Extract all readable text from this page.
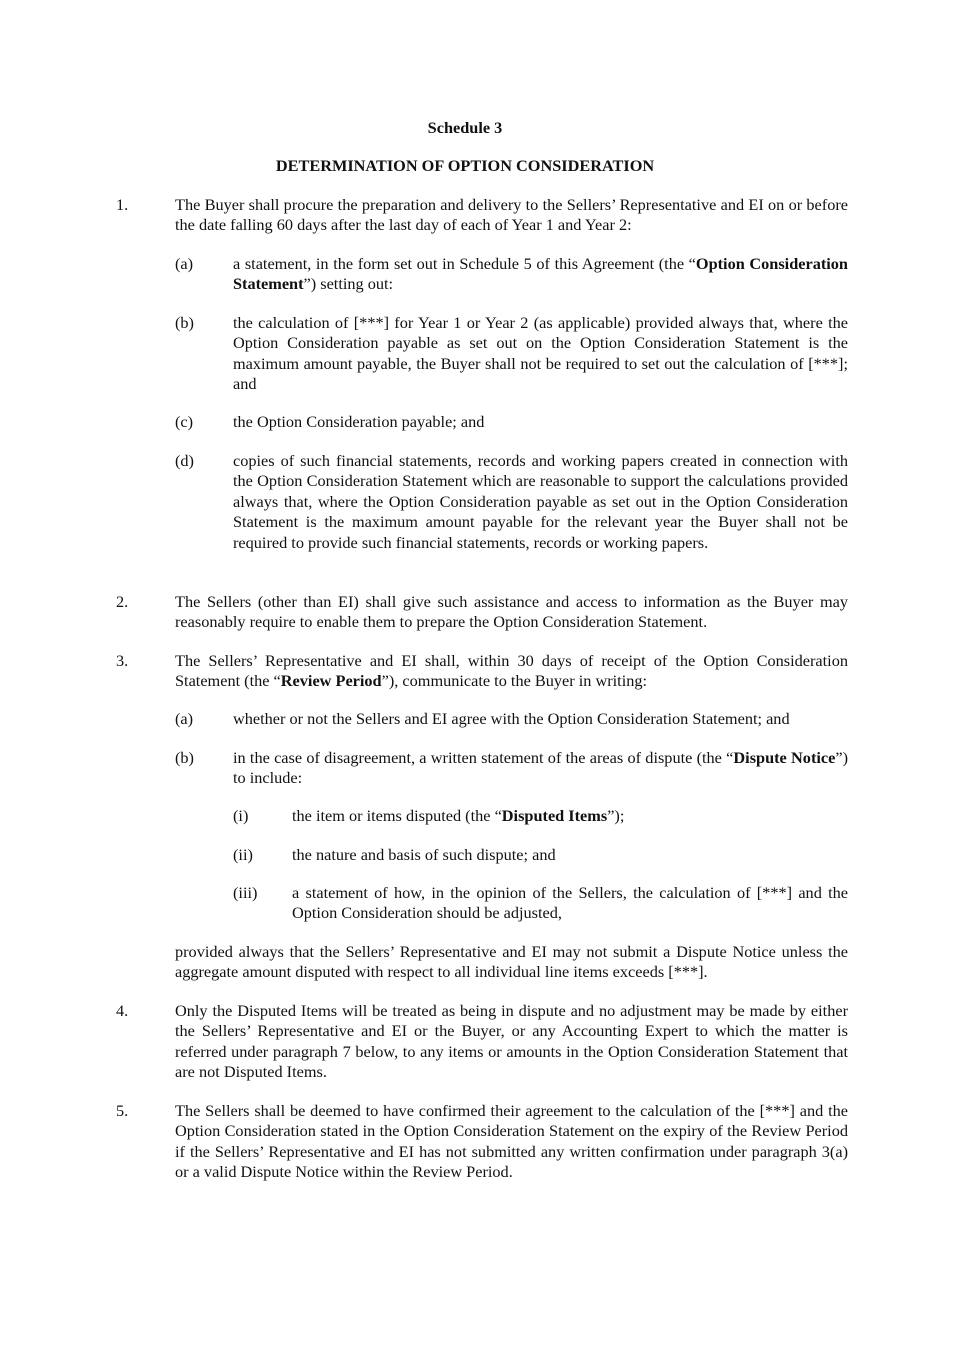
Schedule 3
DETERMINATION OF OPTION CONSIDERATION
1.	The Buyer shall procure the preparation and delivery to the Sellers’ Representative and EI on or before the date falling 60 days after the last day of each of Year 1 and Year 2:
(a) a statement, in the form set out in Schedule 5 of this Agreement (the “Option Consideration Statement”) setting out:
(b) the calculation of [***] for Year 1 or Year 2 (as applicable) provided always that, where the Option Consideration payable as set out on the Option Consideration Statement is the maximum amount payable, the Buyer shall not be required to set out the calculation of [***]; and
(c) the Option Consideration payable; and
(d) copies of such financial statements, records and working papers created in connection with the Option Consideration Statement which are reasonable to support the calculations provided always that, where the Option Consideration payable as set out in the Option Consideration Statement is the maximum amount payable for the relevant year the Buyer shall not be required to provide such financial statements, records or working papers.
2.	The Sellers (other than EI) shall give such assistance and access to information as the Buyer may reasonably require to enable them to prepare the Option Consideration Statement.
3.	The Sellers’ Representative and EI shall, within 30 days of receipt of the Option Consideration Statement (the “Review Period”), communicate to the Buyer in writing:
(a) whether or not the Sellers and EI agree with the Option Consideration Statement; and
(b) in the case of disagreement, a written statement of the areas of dispute (the “Dispute Notice”) to include:
(i)	the item or items disputed (the “Disputed Items”);
(ii) the nature and basis of such dispute; and
(iii) a statement of how, in the opinion of the Sellers, the calculation of [***] and the Option Consideration should be adjusted,
provided always that the Sellers’ Representative and EI may not submit a Dispute Notice unless the aggregate amount disputed with respect to all individual line items exceeds [***].
4.	Only the Disputed Items will be treated as being in dispute and no adjustment may be made by either the Sellers’ Representative and EI or the Buyer, or any Accounting Expert to which the matter is referred under paragraph 7 below, to any items or amounts in the Option Consideration Statement that are not Disputed Items.
5.	The Sellers shall be deemed to have confirmed their agreement to the calculation of the [***] and the Option Consideration stated in the Option Consideration Statement on the expiry of the Review Period if the Sellers’ Representative and EI has not submitted any written confirmation under paragraph 3(a) or a valid Dispute Notice within the Review Period.
